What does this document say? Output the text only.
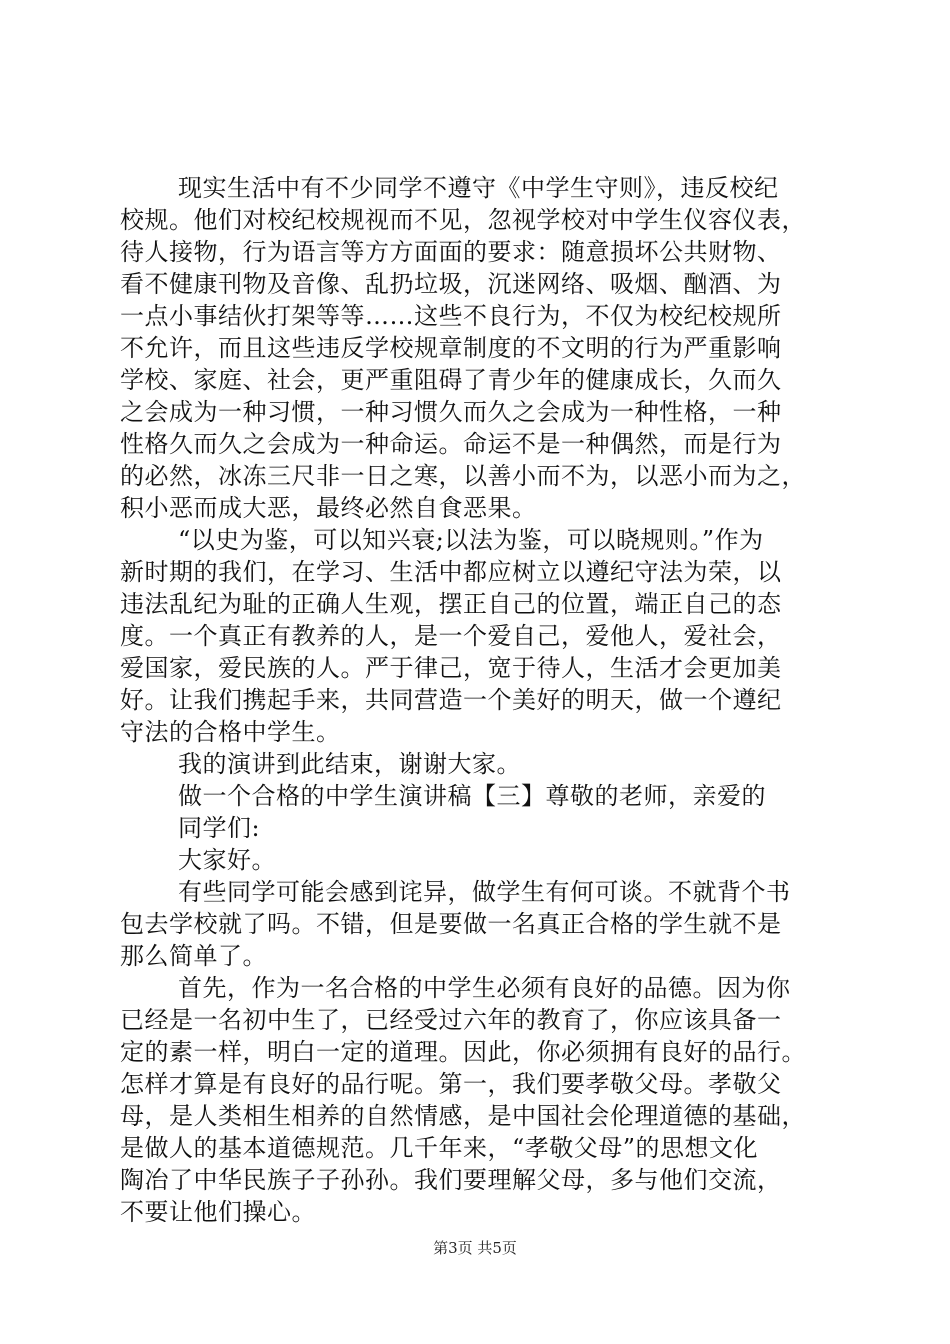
现实生活中有不少同学不遵守《中学生守则》，违反校纪
校规。他们对校纪校规视而不见，忽视学校对中学生仪容仪表，
待人接物，行为语言等方方面面的要求：随意损坏公共财物、
看不健康刊物及音像、乱扔垃圾，沉迷网络、吸烟、酗酒、为
一点小事结伙打架等等……这些不良行为，不仅为校纪校规所
不允许，而且这些违反学校规章制度的不文明的行为严重影响
学校、家庭、社会，更严重阻碍了青少年的健康成长，久而久
之会成为一种习惯，一种习惯久而久之会成为一种性格，一种
性格久而久之会成为一种命运。命运不是一种偶然，而是行为
的必然，冰冻三尺非一日之寒，以善小而不为，以恶小而为之，
积小恶而成大恶，最终必然自食恶果。
“以史为鉴，可以知兴衰;以法为鉴，可以晓规则。”作为
新时期的我们，在学习、生活中都应树立以遵纪守法为荣，以
违法乱纪为耻的正确人生观，摆正自己的位置，端正自己的态
度。一个真正有教养的人，是一个爱自己，爱他人，爱社会，
爱国家，爱民族的人。严于律己，宽于待人，生活才会更加美
好。让我们携起手来，共同营造一个美好的明天，做一个遵纪
守法的合格中学生。
我的演讲到此结束，谢谢大家。
做一个合格的中学生演讲稿【三】尊敬的老师，亲爱的
同学们:
大家好。
有些同学可能会感到诧异，做学生有何可谈。不就背个书
包去学校就了吗。不错，但是要做一名真正合格的学生就不是
那么简单了。
首先，作为一名合格的中学生必须有良好的品德。因为你
已经是一名初中生了，已经受过六年的教育了，你应该具备一
定的素一样，明白一定的道理。因此，你必须拥有良好的品行。
怎样才算是有良好的品行呢。第一，我们要孝敬父母。孝敬父
母，是人类相生相养的自然情感，是中国社会伦理道德的基础，
是做人的基本道德规范。几千年来，“孝敬父母”的思想文化
陶冶了中华民族子子孙孙。我们要理解父母，多与他们交流，
不要让他们操心。
第3页 共5页
